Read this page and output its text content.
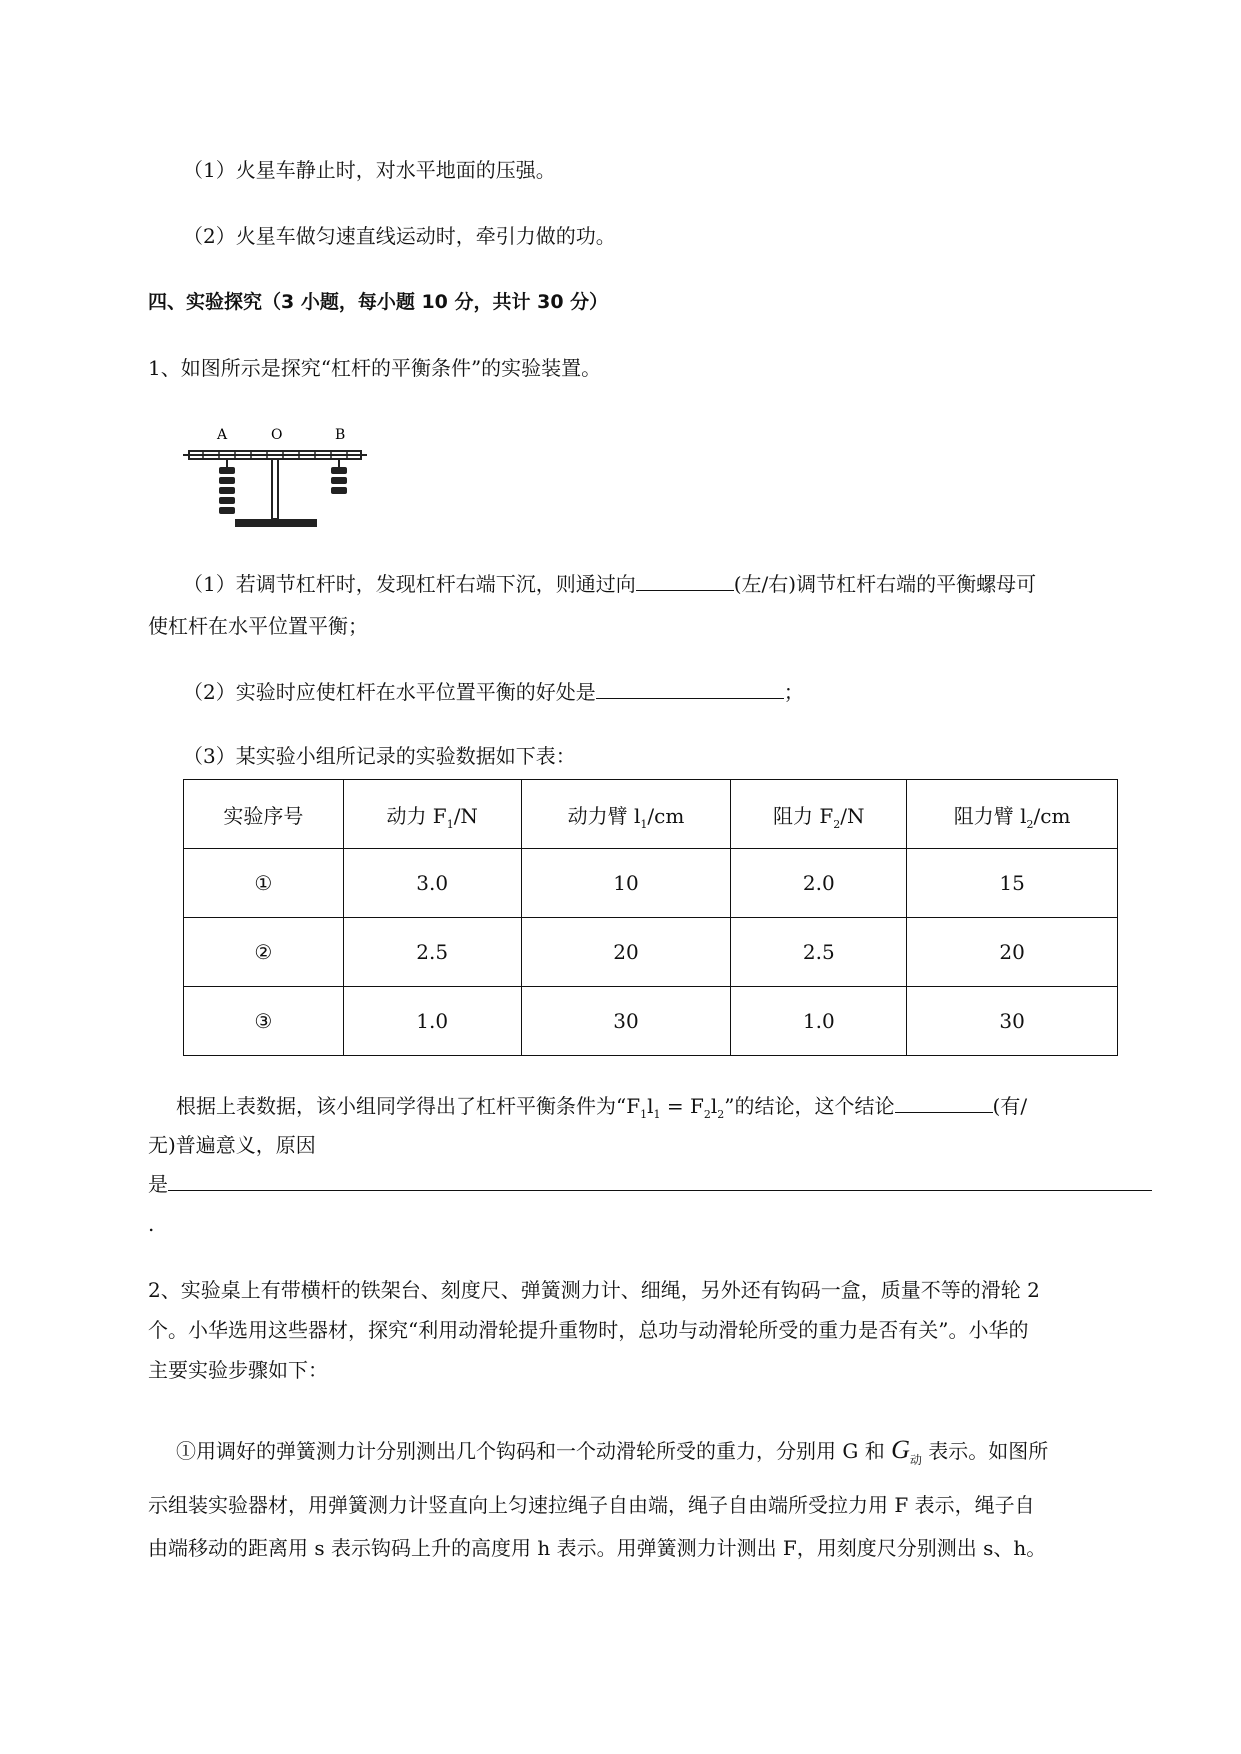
（1）火星车静止时，对水平地面的压强。
（2）火星车做匀速直线运动时，牵引力做的功。
四、实验探究（3 小题，每小题 10 分，共计 30 分）
1、如图所示是探究“杠杆的平衡条件”的实验装置。
A	O	B
（1）若调节杠杆时，发现杠杆右端下沉，则通过向	(左/右)调节杠杆右端的平衡螺母可
使杠杆在水平位置平衡；
（2）实验时应使杠杆在水平位置平衡的好处是	；
（3）某实验小组所记录的实验数据如下表：
实验序号	动力 $F_1/N$	动力臂 $l_1/cm$	阻力 $F_2/N$	阻力臂 $l_2/cm$
①	3.0	10	2.0	15
②	2.5	20	2.5	20
③	1.0	30	1.0	30
根据上表数据，该小组同学得出了杠杆平衡条件为“$F_1l_1 = F_2l_2$”的结论，这个结论	(有/
无)普遍意义，原因
是
.
2、实验桌上有带横杆的铁架台、刻度尺、弹簧测力计、细绳，另外还有钩码一盒，质量不等的滑轮 2
个。小华选用这些器材，探究“利用动滑轮提升重物时，总功与动滑轮所受的重力是否有关”。小华的
主要实验步骤如下：
①用调好的弹簧测力计分别测出几个钩码和一个动滑轮所受的重力，分别用 G 和 $G_动$ 表示。如图所
示组装实验器材，用弹簧测力计竖直向上匀速拉绳子自由端，绳子自由端所受拉力用 F 表示，绳子自
由端移动的距离用 s 表示钩码上升的高度用 h 表示。用弹簧测力计测出 F，用刻度尺分别测出 s、h。
